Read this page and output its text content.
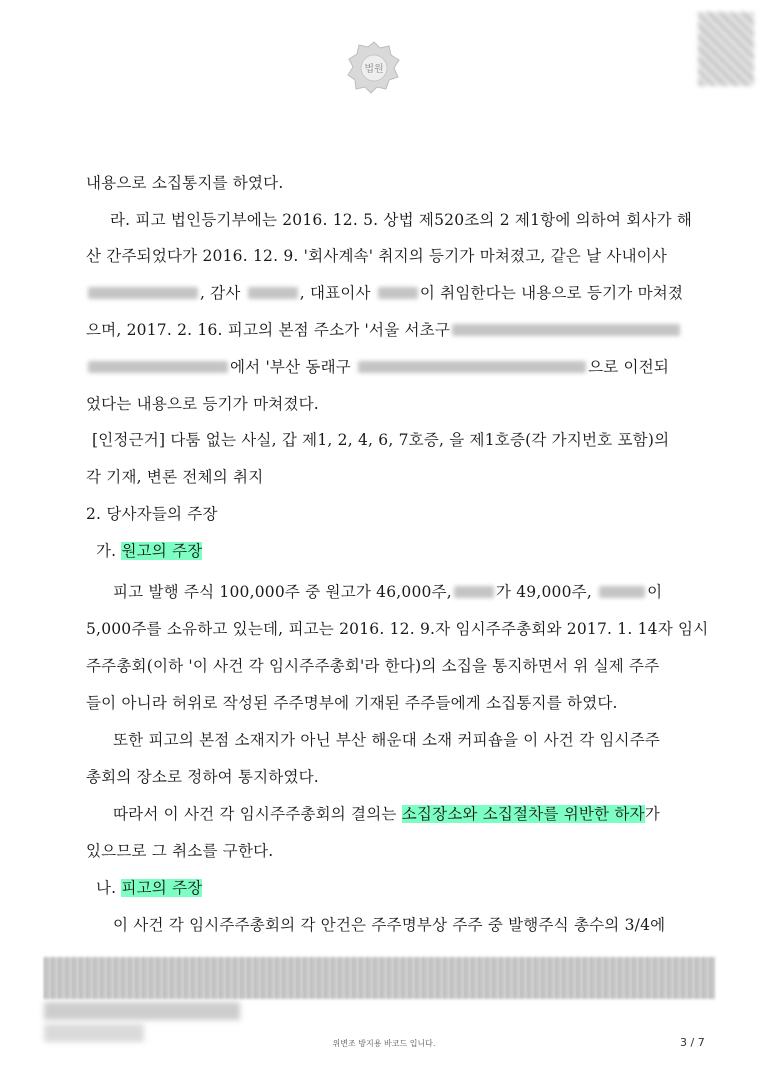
법원
내용으로 소집통지를 하였다.
라. 피고 법인등기부에는 2016. 12. 5. 상법 제520조의 2 제1항에 의하여 회사가 해
산 간주되었다가 2016. 12. 9. '회사계속' 취지의 등기가 마쳐졌고, 같은 날 사내이사
, 감사	, 대표이사	이 취임한다는 내용으로 등기가 마쳐졌
으며, 2017. 2. 16. 피고의 본점 주소가 '서울 서초구
에서 '부산 동래구	으로 이전되
었다는 내용으로 등기가 마쳐졌다.
[인정근거] 다툼 없는 사실, 갑 제1, 2, 4, 6, 7호증, 을 제1호증(각 가지번호 포함)의
각 기재, 변론 전체의 취지
2. 당사자들의 주장
가. 원고의 주장
피고 발행 주식 100,000주 중 원고가 46,000주,	가 49,000주,	이
5,000주를 소유하고 있는데, 피고는 2016. 12. 9.자 임시주주총회와 2017. 1. 14자 임시
주주총회(이하 '이 사건 각 임시주주총회'라 한다)의 소집을 통지하면서 위 실제 주주
들이 아니라 허위로 작성된 주주명부에 기재된 주주들에게 소집통지를 하였다.
또한 피고의 본점 소재지가 아닌 부산 해운대 소재 커피숍을 이 사건 각 임시주주
총회의 장소로 정하여 통지하였다.
따라서 이 사건 각 임시주주총회의 결의는 소집장소와 소집절차를 위반한 하자가
있으므로 그 취소를 구한다.
나. 피고의 주장
이 사건 각 임시주주총회의 각 안건은 주주명부상 주주 중 발행주식 총수의 3/4에
위변조 방지용 바코드 입니다.	3 / 7
